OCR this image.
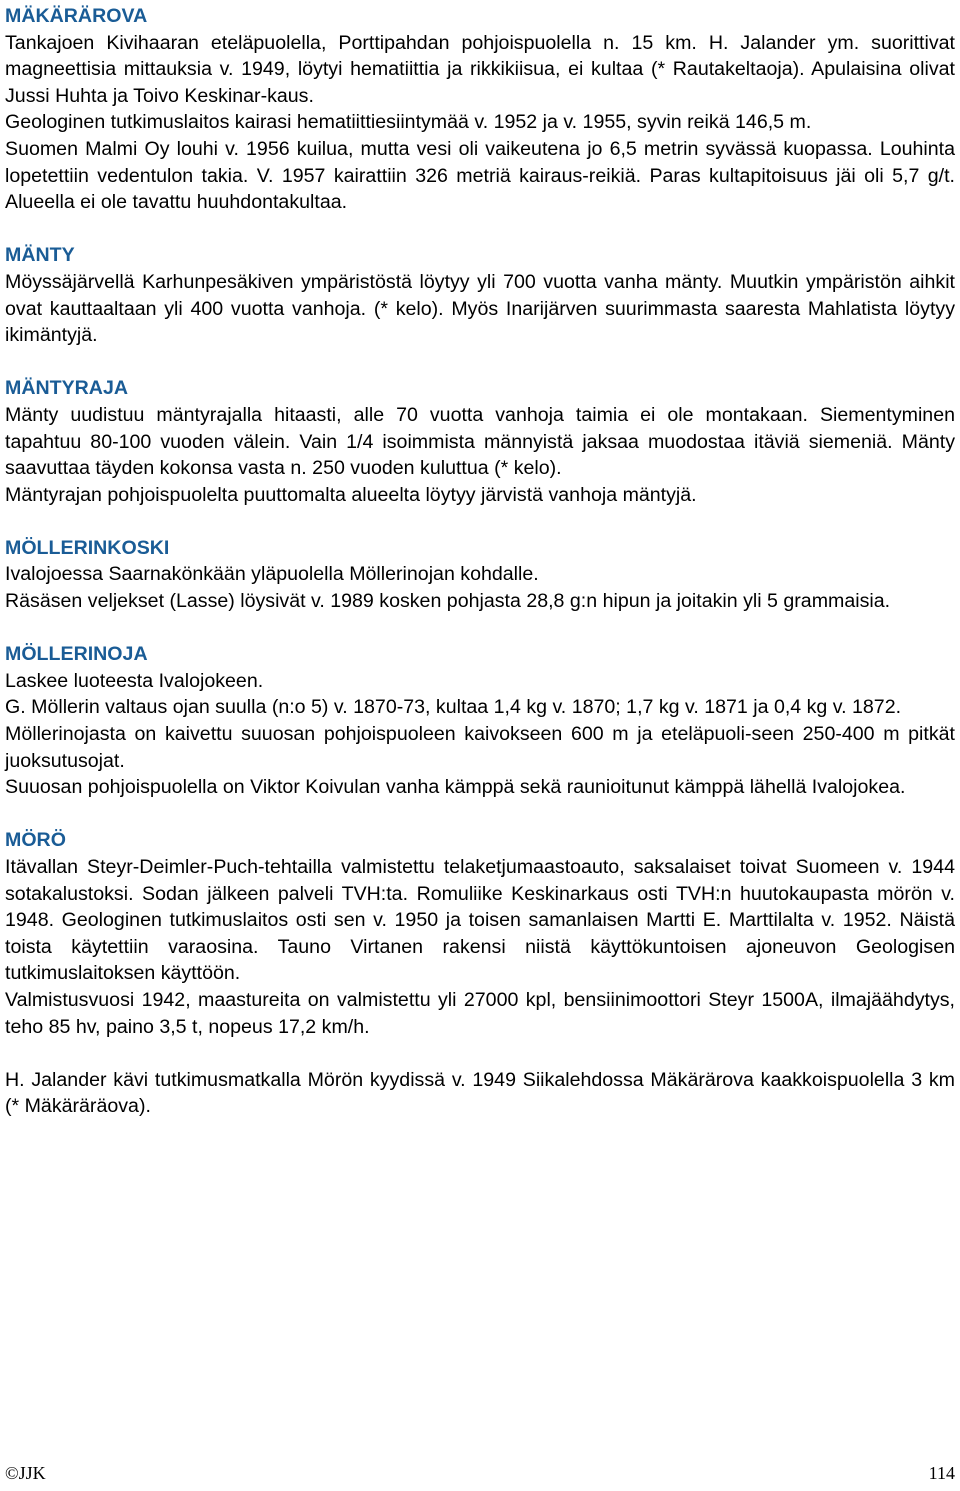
MÄKÄRÄROVA

Tankajoen Kivihaaran eteläpuolella, Porttipahdan pohjoispuolella n. 15 km. H. Jalander ym. suorittivat magneettisia mittauksia v. 1949, löytyi hematiittia ja rikkikiisua, ei kultaa (* Rautakeltaoja). Apulaisina olivat Jussi Huhta ja Toivo Keskinar-kaus.

Geologinen tutkimuslaitos kairasi hematiittiesiintymää v. 1952 ja v. 1955, syvin reikä 146,5 m.

Suomen Malmi Oy louhi v. 1956 kuilua, mutta vesi oli vaikeutena jo 6,5 metrin syvässä kuopassa. Louhinta lopetettiin vedentulon takia. V. 1957 kairattiin 326 metriä kairaus-reikiä. Paras kultapitoisuus jäi oli 5,7 g/t. Alueella ei ole tavattu huuhdontakultaa.

MÄNTY

Möyssäjärvellä Karhunpesäkiven ympäristöstä löytyy yli 700 vuotta vanha mänty. Muutkin ympäristön aihkit ovat kauttaaltaan yli 400 vuotta vanhoja. (* kelo). Myös Inarijärven suurimmasta saaresta Mahlatista löytyy ikimäntyjä.

MÄNTYRAJA

Mänty uudistuu mäntyrajalla hitaasti, alle 70 vuotta vanhoja taimia ei ole montakaan. Siementyminen tapahtuu 80-100 vuoden välein. Vain 1/4 isoimmista männyistä jaksaa muodostaa itäviä siemeniä. Mänty saavuttaa täyden kokonsa vasta n. 250 vuoden kuluttua (* kelo).

Mäntyrajan pohjoispuolelta puuttomalta alueelta löytyy järvistä vanhoja mäntyjä.

MÖLLERINKOSKI

Ivalojoessa Saarnakönkään yläpuolella Möllerinojan kohdalle.

Räsäsen veljekset (Lasse) löysivät v. 1989 kosken pohjasta 28,8 g:n hipun ja joitakin yli 5 grammaisia.

MÖLLERINOJA

Laskee luoteesta Ivalojokeen.

G. Möllerin valtaus ojan suulla (n:o 5) v. 1870-73, kultaa 1,4 kg v. 1870; 1,7 kg v. 1871 ja 0,4 kg v. 1872.

Möllerinojasta on kaivettu suuosan pohjoispuoleen kaivokseen 600 m ja eteläpuoli-seen 250-400 m pitkät juoksutusojat.

Suuosan pohjoispuolella on Viktor Koivulan vanha kämppä sekä raunioitunut kämppä lähellä Ivalojokea.

MÖRÖ

Itävallan Steyr-Deimler-Puch-tehtailla valmistettu telaketjumaastoauto, saksalaiset toivat Suomeen v. 1944 sotakalustoksi. Sodan jälkeen palveli TVH:ta. Romuliike Keskinarkaus osti TVH:n huutokaupasta mörön v. 1948. Geologinen tutkimuslaitos osti sen v. 1950 ja toisen samanlaisen Martti E. Marttilalta v. 1952. Näistä toista käytettiin varaosina. Tauno Virtanen rakensi niistä käyttökuntoisen ajoneuvon Geologisen tutkimuslaitoksen käyttöön.

Valmistusvuosi 1942, maastureita on valmistettu yli 27000 kpl, bensiinimoottori Steyr 1500A, ilmajäähdytys, teho 85 hv, paino 3,5 t, nopeus 17,2 km/h.

H. Jalander kävi tutkimusmatkalla Mörön kyydissä v. 1949 Siikalehdossa Mäkärärova kaakkoispuolella 3 km (* Mäkäräräova).

©JJK	114
